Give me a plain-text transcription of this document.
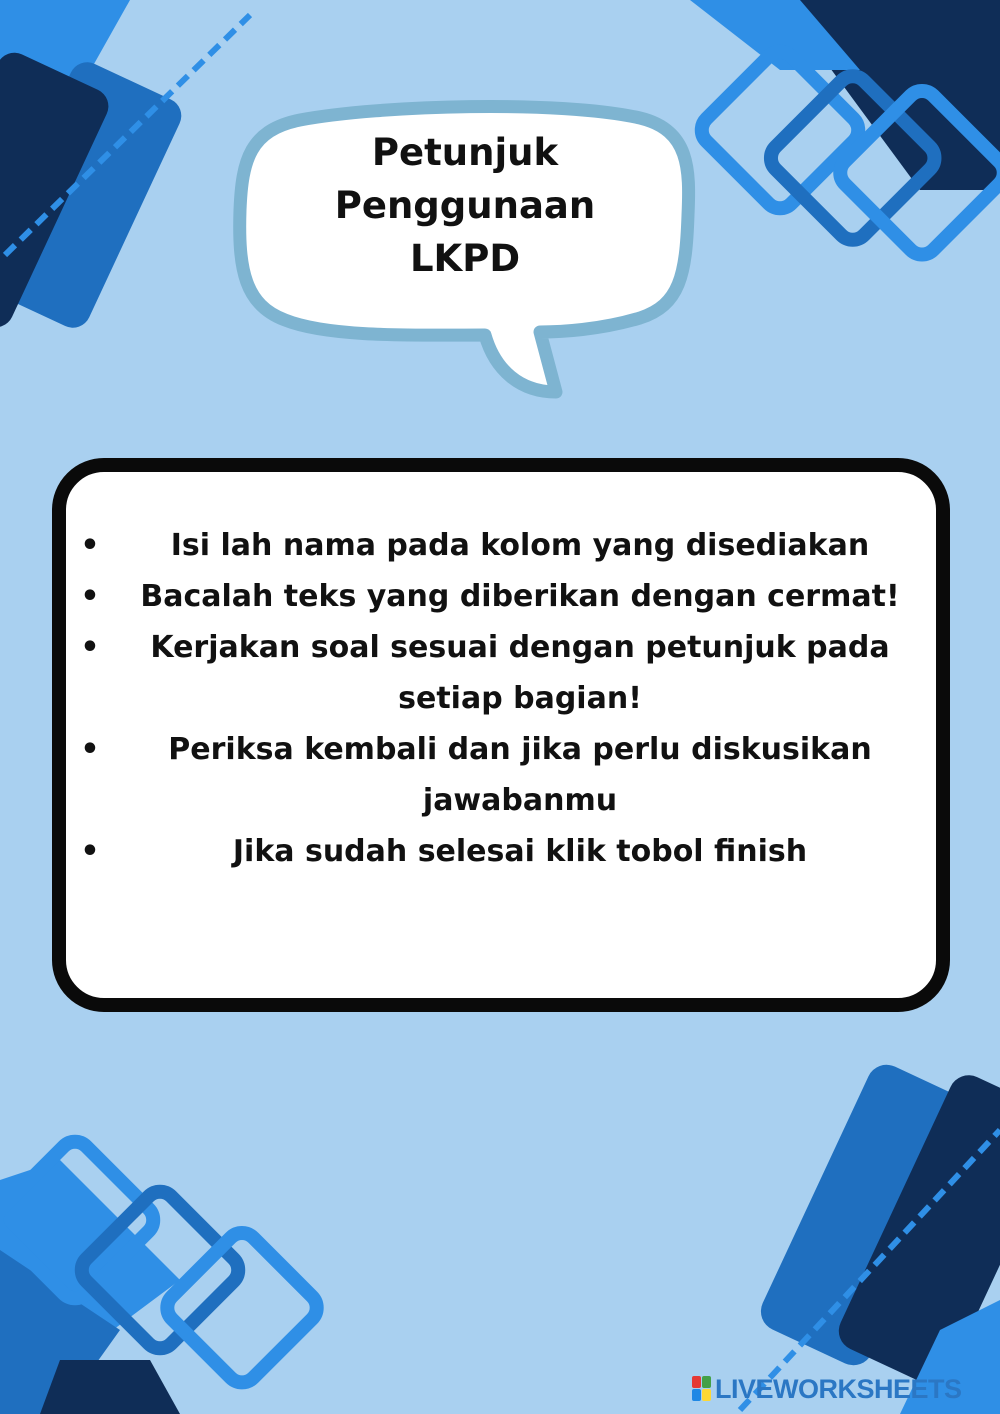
Petunjuk
Penggunaan
LKPD
• Isi lah nama pada kolom yang disediakan
• Bacalah teks yang diberikan dengan cermat!
• Kerjakan soal sesuai dengan petunjuk pada setiap bagian!
• Periksa kembali dan jika perlu diskusikan jawabanmu
•	Jika sudah selesai klik tobol finish
LIVEWORKSHEETS
